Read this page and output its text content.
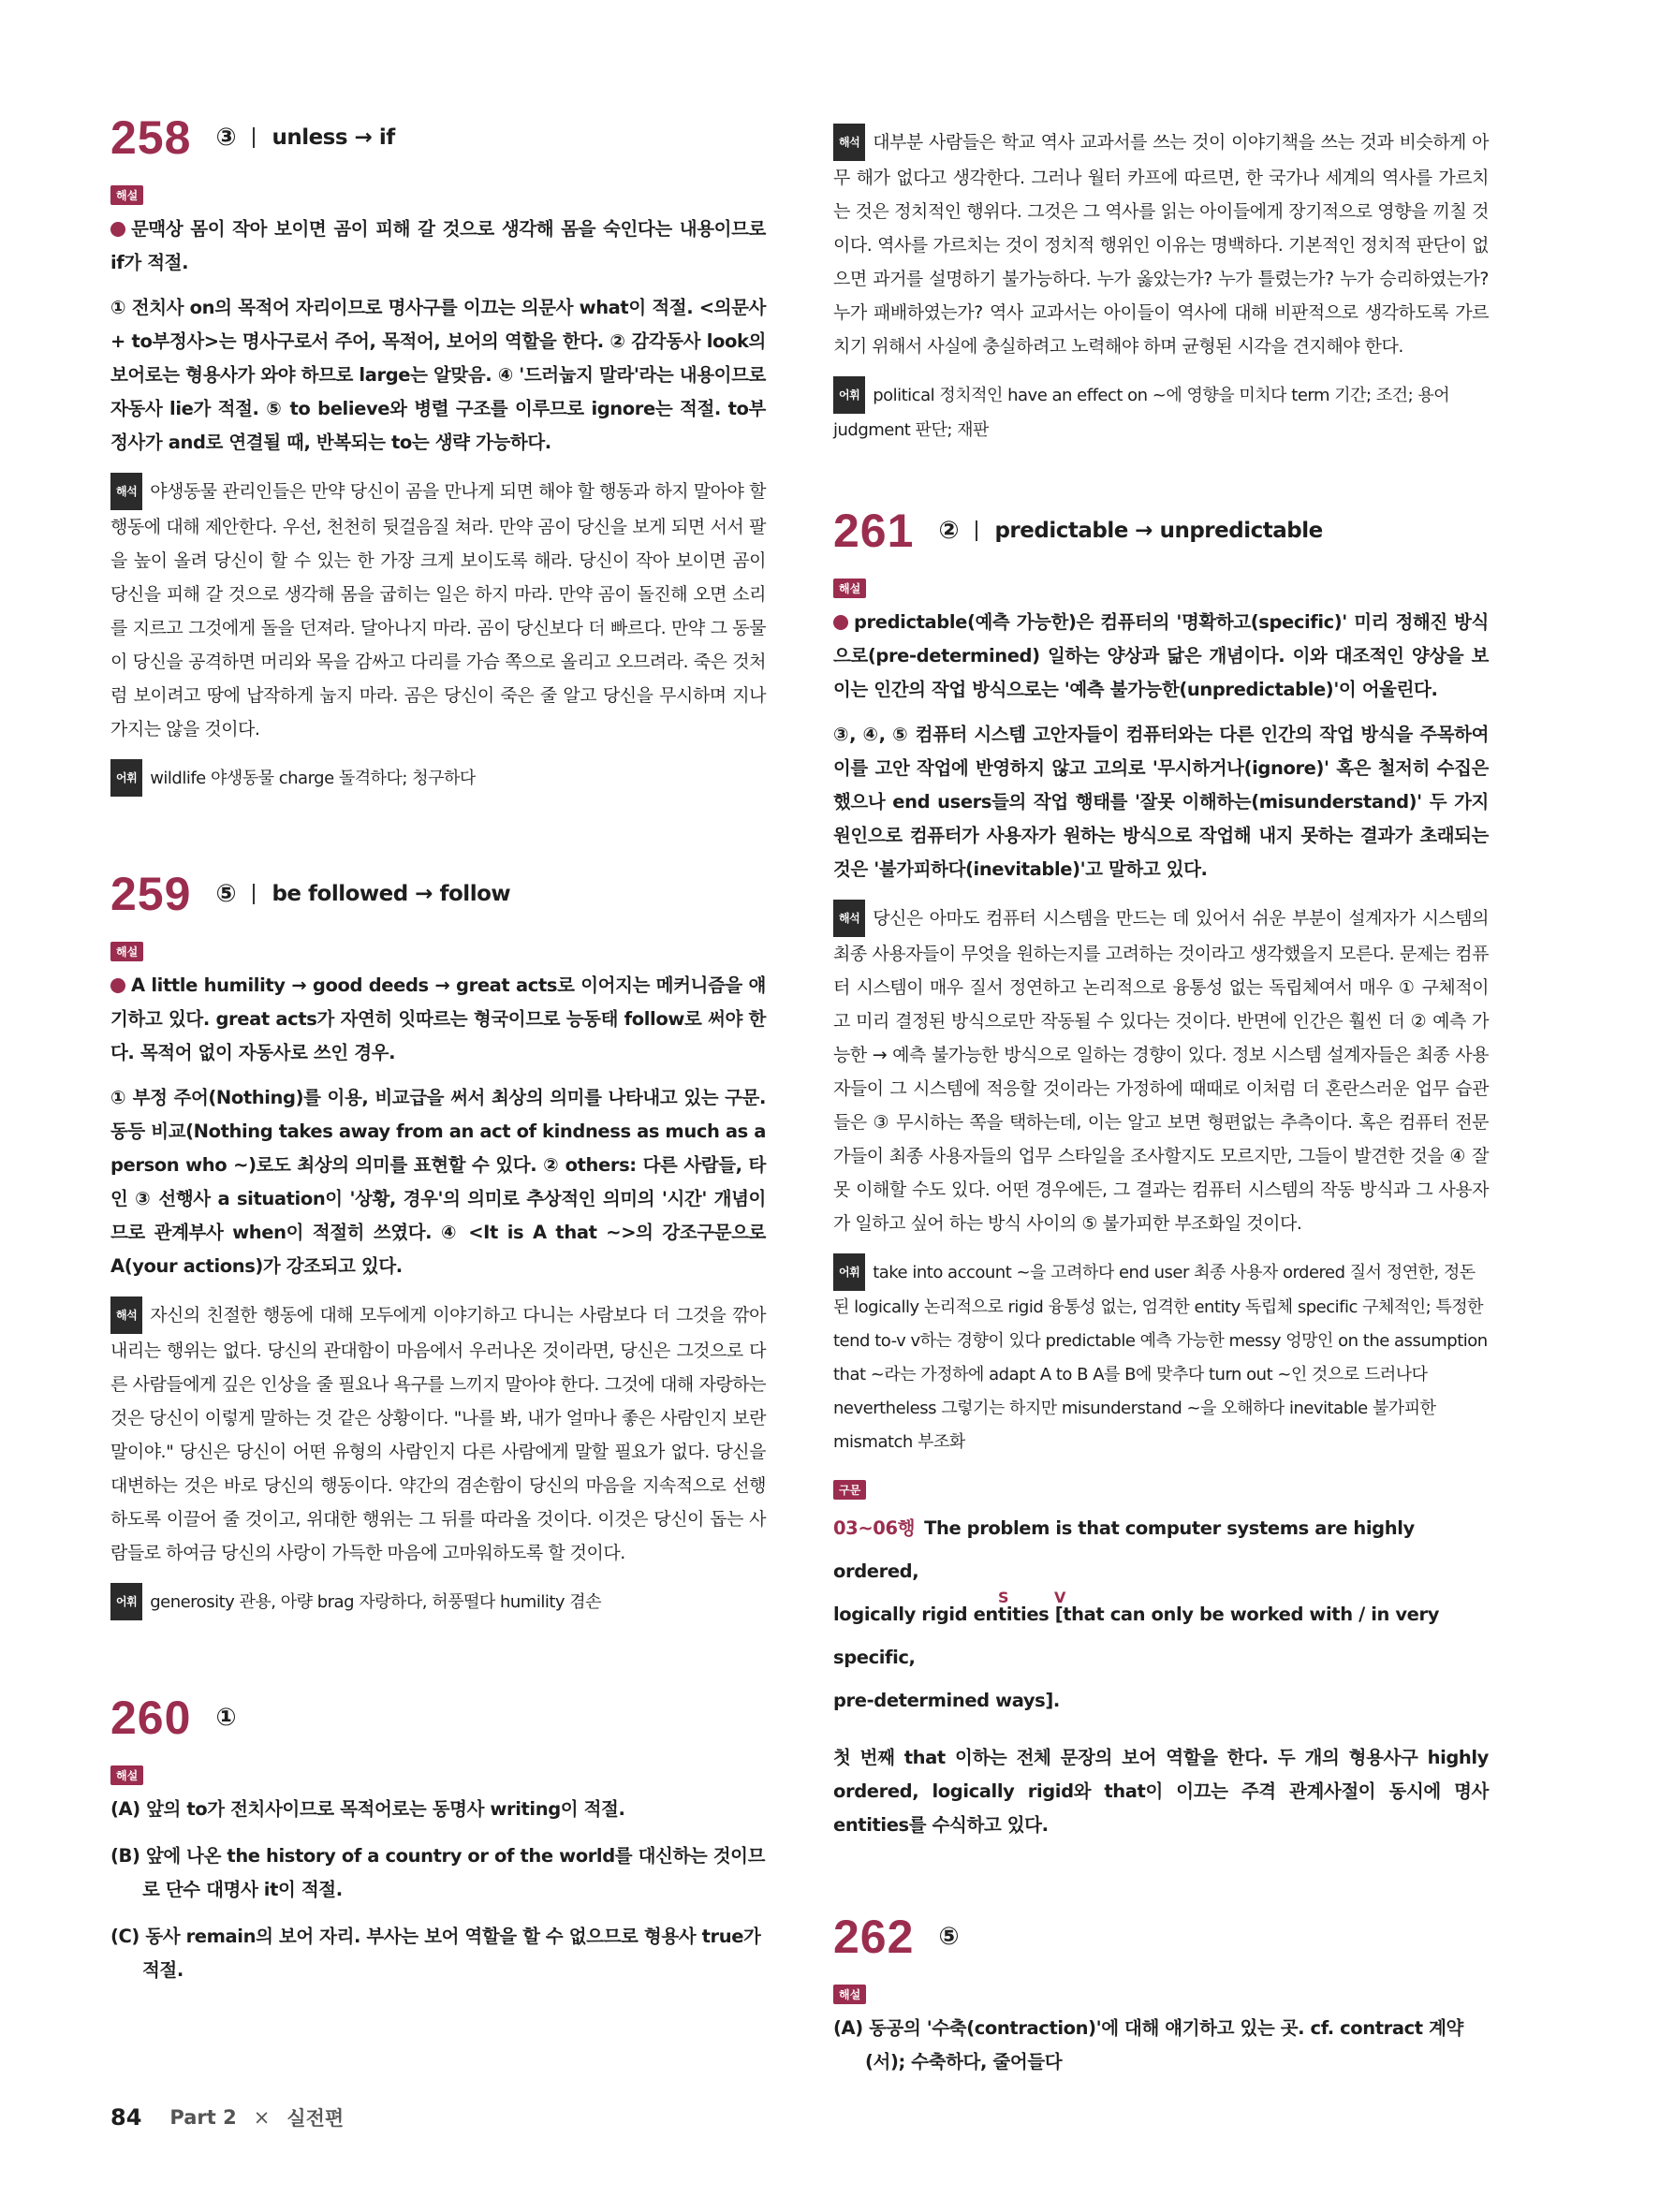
258 ③ unless → if
해설

문맥상 몸이 작아 보이면 곰이 피해 갈 것으로 생각해 몸을 숙인다는 내용이므로 if가 적절.

① 전치사 on의 목적어 자리이므로 명사구를 이끄는 의문사 what이 적절. <의문사 + to부정사>는 명사구로서 주어, 목적어, 보어의 역할을 한다. ② 감각동사 look의 보어로는 형용사가 와야 하므로 large는 알맞음. ④ '드러눕지 말라'라는 내용이므로 자동사 lie가 적절. ⑤ to believe와 병렬 구조를 이루므로 ignore는 적절. to부정사가 and로 연결될 때, 반복되는 to는 생략 가능하다.

해석 야생동물 관리인들은 만약 당신이 곰을 만나게 되면 해야 할 행동과 하지 말아야 할 행동에 대해 제안한다. 우선, 천천히 뒷걸음질 쳐라. 만약 곰이 당신을 보게 되면 서서 팔을 높이 올려 당신이 할 수 있는 한 가장 크게 보이도록 해라. 당신이 작아 보이면 곰이 당신을 피해 갈 것으로 생각해 몸을 굽히는 일은 하지 마라. 만약 곰이 돌진해 오면 소리를 지르고 그것에게 돌을 던져라. 달아나지 마라. 곰이 당신보다 더 빠르다. 만약 그 동물이 당신을 공격하면 머리와 목을 감싸고 다리를 가슴 쪽으로 올리고 오므려라. 죽은 것처럼 보이려고 땅에 납작하게 눕지 마라. 곰은 당신이 죽은 줄 알고 당신을 무시하며 지나가지는 않을 것이다.

어휘 wildlife 야생동물 charge 돌격하다; 청구하다

259 ⑤ be followed → follow
해설

A little humility → good deeds → great acts로 이어지는 메커니즘을 얘기하고 있다. great acts가 자연히 잇따르는 형국이므로 능동태 follow로 써야 한다. 목적어 없이 자동사로 쓰인 경우.

① 부정 주어(Nothing)를 이용, 비교급을 써서 최상의 의미를 나타내고 있는 구문. 동등 비교(Nothing takes away from an act of kindness as much as a person who ~)로도 최상의 의미를 표현할 수 있다. ② others: 다른 사람들, 타인 ③ 선행사 a situation이 '상황, 경우'의 의미로 추상적인 의미의 '시간' 개념이므로 관계부사 when이 적절히 쓰였다. ④ <It is A that ~>의 강조구문으로 A(your actions)가 강조되고 있다.

해석 자신의 친절한 행동에 대해 모두에게 이야기하고 다니는 사람보다 더 그것을 깎아내리는 행위는 없다. 당신의 관대함이 마음에서 우러나온 것이라면, 당신은 그것으로 다른 사람들에게 깊은 인상을 줄 필요나 욕구를 느끼지 말아야 한다. 그것에 대해 자랑하는 것은 당신이 이렇게 말하는 것 같은 상황이다. "나를 봐, 내가 얼마나 좋은 사람인지 보란 말이야." 당신은 당신이 어떤 유형의 사람인지 다른 사람에게 말할 필요가 없다. 당신을 대변하는 것은 바로 당신의 행동이다. 약간의 겸손함이 당신의 마음을 지속적으로 선행하도록 이끌어 줄 것이고, 위대한 행위는 그 뒤를 따라올 것이다. 이것은 당신이 돕는 사람들로 하여금 당신의 사랑이 가득한 마음에 고마워하도록 할 것이다.

어휘 generosity 관용, 아량 brag 자랑하다, 허풍떨다 humility 겸손

260 ①
해설

(A) 앞의 to가 전치사이므로 목적어로는 동명사 writing이 적절.

(B) 앞에 나온 the history of a country or of the world를 대신하는 것이므로 단수 대명사 it이 적절.

(C) 동사 remain의 보어 자리. 부사는 보어 역할을 할 수 없으므로 형용사 true가 적절.

해석 대부분 사람들은 학교 역사 교과서를 쓰는 것이 이야기책을 쓰는 것과 비슷하게 아무 해가 없다고 생각한다. 그러나 월터 카프에 따르면, 한 국가나 세계의 역사를 가르치는 것은 정치적인 행위다. 그것은 그 역사를 읽는 아이들에게 장기적으로 영향을 끼칠 것이다. 역사를 가르치는 것이 정치적 행위인 이유는 명백하다. 기본적인 정치적 판단이 없으면 과거를 설명하기 불가능하다. 누가 옳았는가? 누가 틀렸는가? 누가 승리하였는가? 누가 패배하였는가? 역사 교과서는 아이들이 역사에 대해 비판적으로 생각하도록 가르치기 위해서 사실에 충실하려고 노력해야 하며 균형된 시각을 견지해야 한다.

어휘 political 정치적인 have an effect on ~에 영향을 미치다 term 기간; 조건; 용어 judgment 판단; 재판

261 ② predictable → unpredictable
해설

predictable(예측 가능한)은 컴퓨터의 '명확하고(specific)' 미리 정해진 방식으로(pre-determined) 일하는 양상과 닮은 개념이다. 이와 대조적인 양상을 보이는 인간의 작업 방식으로는 '예측 불가능한(unpredictable)'이 어울린다.

③, ④, ⑤ 컴퓨터 시스템 고안자들이 컴퓨터와는 다른 인간의 작업 방식을 주목하여 이를 고안 작업에 반영하지 않고 고의로 '무시하거나(ignore)' 혹은 철저히 수집은 했으나 end users들의 작업 행태를 '잘못 이해하는(misunderstand)' 두 가지 원인으로 컴퓨터가 사용자가 원하는 방식으로 작업해 내지 못하는 결과가 초래되는 것은 '불가피하다(inevitable)'고 말하고 있다.

해석 당신은 아마도 컴퓨터 시스템을 만드는 데 있어서 쉬운 부분이 설계자가 시스템의 최종 사용자들이 무엇을 원하는지를 고려하는 것이라고 생각했을지 모른다. 문제는 컴퓨터 시스템이 매우 질서 정연하고 논리적으로 융통성 없는 독립체여서 매우 ① 구체적이고 미리 결정된 방식으로만 작동될 수 있다는 것이다. 반면에 인간은 훨씬 더 ② 예측 가능한 → 예측 불가능한 방식으로 일하는 경향이 있다. 정보 시스템 설계자들은 최종 사용자들이 그 시스템에 적응할 것이라는 가정하에 때때로 이처럼 더 혼란스러운 업무 습관들은 ③ 무시하는 쪽을 택하는데, 이는 알고 보면 형편없는 추측이다. 혹은 컴퓨터 전문가들이 최종 사용자들의 업무 스타일을 조사할지도 모르지만, 그들이 발견한 것을 ④ 잘못 이해할 수도 있다. 어떤 경우에든, 그 결과는 컴퓨터 시스템의 작동 방식과 그 사용자가 일하고 싶어 하는 방식 사이의 ⑤ 불가피한 부조화일 것이다.

어휘 take into account ~을 고려하다 end user 최종 사용자 ordered 질서 정연한, 정돈된 logically 논리적으로 rigid 융통성 없는, 엄격한 entity 독립체 specific 구체적인; 특정한 tend to-v v하는 경향이 있다 predictable 예측 가능한 messy 엉망인 on the assumption that ~라는 가정하에 adapt A to B A를 B에 맞추다 turn out ~인 것으로 드러나다 nevertheless 그렇기는 하지만 misunderstand ~을 오해하다 inevitable 불가피한 mismatch 부조화

구문
03~06행 The problem is that computer systems are highly ordered,
S	V
logically rigid entities [that can only be worked with / in very specific,
pre-determined ways].

첫 번째 that 이하는 전체 문장의 보어 역할을 한다. 두 개의 형용사구 highly ordered, logically rigid와 that이 이끄는 주격 관계사절이 동시에 명사 entities를 수식하고 있다.

262 ⑤
해설

(A) 동공의 '수축(contraction)'에 대해 얘기하고 있는 곳. cf. contract 계약(서); 수축하다, 줄어들다

84 Part 2 × 실전편
